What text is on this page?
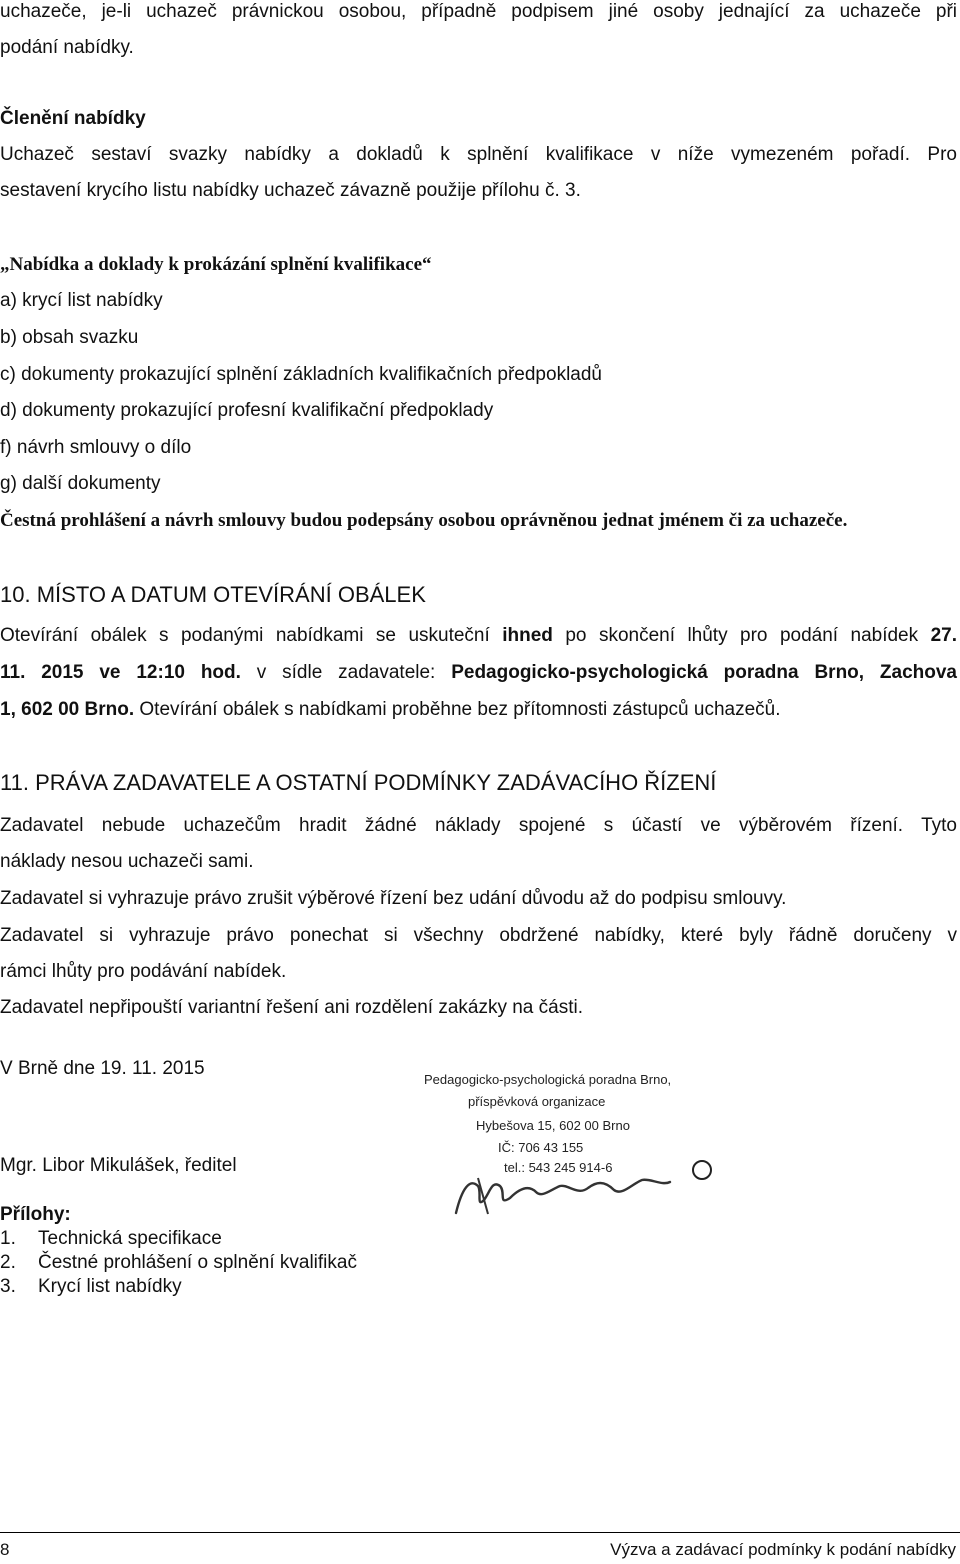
uchazeče, je-li uchazeč právnickou osobou, případně podpisem jiné osoby jednající za uchazeče při
podání nabídky.
Členění nabídky
Uchazeč sestaví svazky nabídky a dokladů k splnění kvalifikace v níže vymezeném pořadí. Pro
sestavení krycího listu nabídky uchazeč závazně použije přílohu č. 3.
„Nabídka a doklady k prokázání splnění kvalifikace“
a) krycí list nabídky
b) obsah svazku
c) dokumenty prokazující splnění základních kvalifikačních předpokladů
d) dokumenty prokazující profesní kvalifikační předpoklady
f) návrh smlouvy o dílo
g) další dokumenty
Čestná prohlášení a návrh smlouvy budou podepsány osobou oprávněnou jednat jménem či za uchazeče.
10. MÍSTO A DATUM OTEVÍRÁNÍ OBÁLEK
Otevírání obálek s podanými nabídkami se uskuteční ihned po skončení lhůty pro podání nabídek 27.
11. 2015 ve 12:10 hod. v sídle zadavatele: Pedagogicko-psychologická poradna Brno, Zachova
1, 602 00 Brno. Otevírání obálek s nabídkami proběhne bez přítomnosti zástupců uchazečů.
11. PRÁVA ZADAVATELE A OSTATNÍ PODMÍNKY ZADÁVACÍHO ŘÍZENÍ
Zadavatel nebude uchazečům hradit žádné náklady spojené s účastí ve výběrovém řízení. Tyto
náklady nesou uchazeči sami.
Zadavatel si vyhrazuje právo zrušit výběrové řízení bez udání důvodu až do podpisu smlouvy.
Zadavatel si vyhrazuje právo ponechat si všechny obdržené nabídky, které byly řádně doručeny v
rámci lhůty pro podávání nabídek.
Zadavatel nepřipouští variantní řešení ani rozdělení zakázky na části.
V Brně dne 19. 11. 2015
Mgr. Libor Mikulášek, ředitel
Pedagogicko-psychologická poradna Brno,
příspěvková organizace
Hybešova 15, 602 00 Brno
IČ: 706 43 155
tel.: 543 245 914-6
Přílohy:
1. Technická specifikace
2. Čestné prohlášení o splnění kvalifikač
3. Krycí list nabídky
8	Výzva a zadávací podmínky k podání nabídky
